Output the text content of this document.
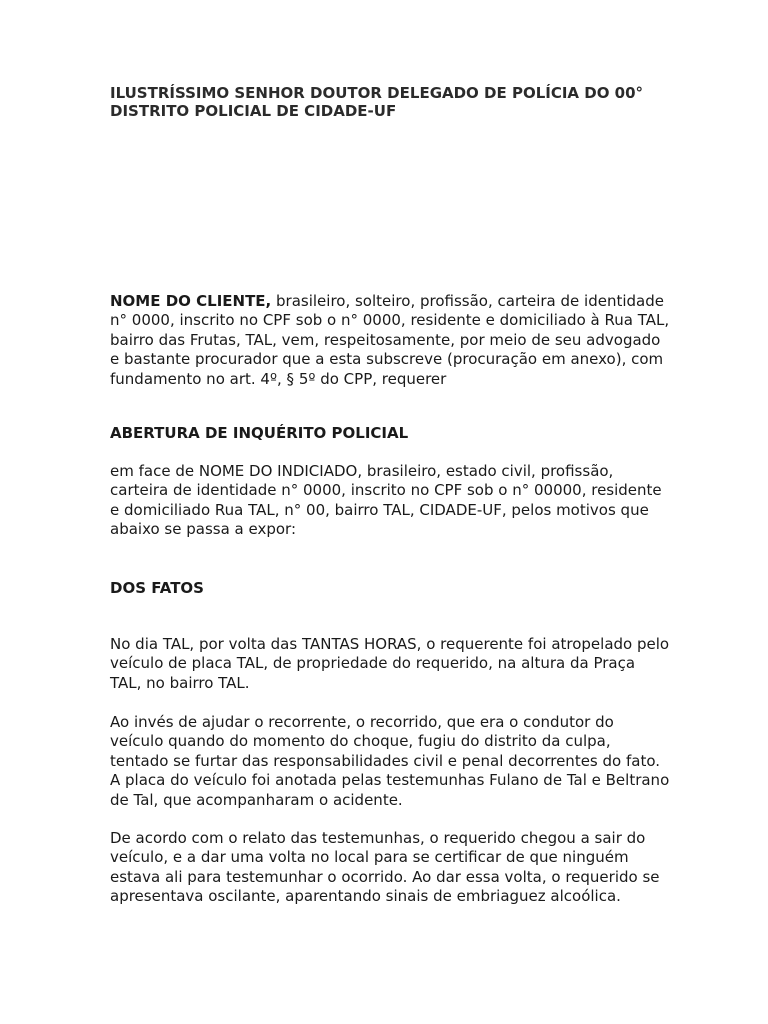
ILUSTRÍSSIMO SENHOR DOUTOR DELEGADO DE POLÍCIA DO 00° DISTRITO POLICIAL DE CIDADE-UF
NOME DO CLIENTE, brasileiro, solteiro, profissão, carteira de identidade n° 0000, inscrito no CPF sob o n° 0000, residente e domiciliado à Rua TAL, bairro das Frutas, TAL, vem, respeitosamente, por meio de seu advogado e bastante procurador que a esta subscreve (procuração em anexo), com fundamento no art. 4º, § 5º do CPP, requerer
ABERTURA DE INQUÉRITO POLICIAL
em face de NOME DO INDICIADO, brasileiro, estado civil, profissão, carteira de identidade n° 0000, inscrito no CPF sob o n° 00000, residente e domiciliado Rua TAL, n° 00, bairro TAL, CIDADE-UF, pelos motivos que abaixo se passa a expor:
DOS FATOS
No dia TAL, por volta das TANTAS HORAS, o requerente foi atropelado pelo veículo de placa TAL, de propriedade do requerido, na altura da Praça TAL, no bairro TAL.
Ao invés de ajudar o recorrente, o recorrido, que era o condutor do veículo quando do momento do choque, fugiu do distrito da culpa, tentado se furtar das responsabilidades civil e penal decorrentes do fato. A placa do veículo foi anotada pelas testemunhas Fulano de Tal e Beltrano de Tal, que acompanharam o acidente.
De acordo com o relato das testemunhas, o requerido chegou a sair do veículo, e a dar uma volta no local para se certificar de que ninguém estava ali para testemunhar o ocorrido. Ao dar essa volta, o requerido se apresentava oscilante, aparentando sinais de embriaguez alcoólica.
